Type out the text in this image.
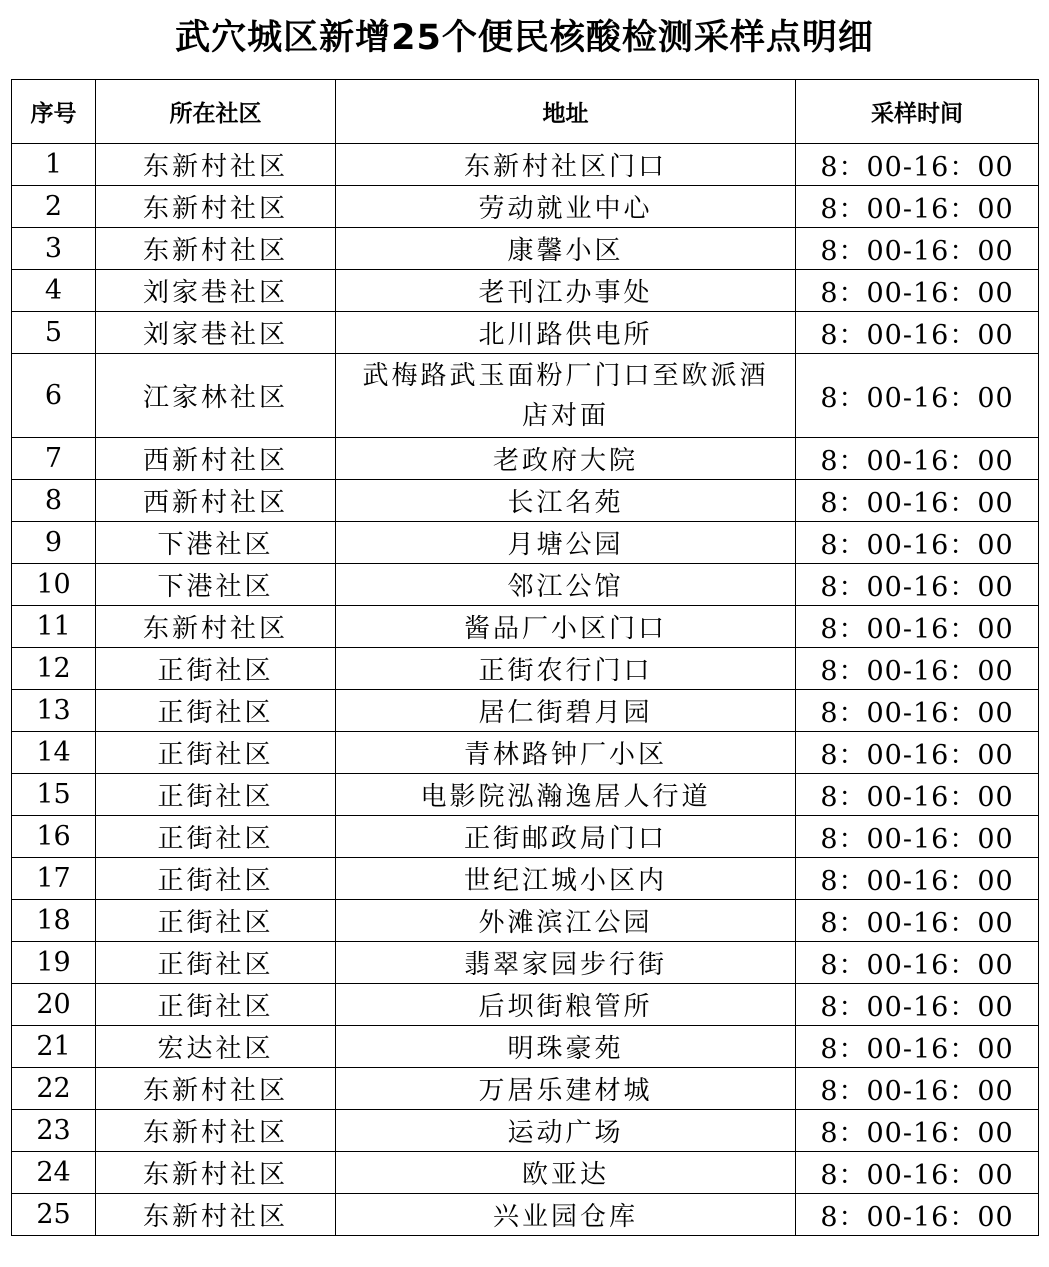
武穴城区新增25个便民核酸检测采样点明细
序号	所在社区	地址	采样时间
1	东新村社区	东新村社区门口	8：00-16：00
2	东新村社区	劳动就业中心	8：00-16：00
3	东新村社区	康馨小区	8：00-16：00
4	刘家巷社区	老刊江办事处	8：00-16：00
5	刘家巷社区	北川路供电所	8：00-16：00
6	江家林社区	武梅路武玉面粉厂门口至欧派酒店对面	8：00-16：00
7	西新村社区	老政府大院	8：00-16：00
8	西新村社区	长江名苑	8：00-16：00
9	下港社区	月塘公园	8：00-16：00
10	下港社区	邻江公馆	8：00-16：00
11	东新村社区	酱品厂小区门口	8：00-16：00
12	正街社区	正街农行门口	8：00-16：00
13	正街社区	居仁街碧月园	8：00-16：00
14	正街社区	青林路钟厂小区	8：00-16：00
15	正街社区	电影院泓瀚逸居人行道	8：00-16：00
16	正街社区	正街邮政局门口	8：00-16：00
17	正街社区	世纪江城小区内	8：00-16：00
18	正街社区	外滩滨江公园	8：00-16：00
19	正街社区	翡翠家园步行街	8：00-16：00
20	正街社区	后坝街粮管所	8：00-16：00
21	宏达社区	明珠豪苑	8：00-16：00
22	东新村社区	万居乐建材城	8：00-16：00
23	东新村社区	运动广场	8：00-16：00
24	东新村社区	欧亚达	8：00-16：00
25	东新村社区	兴业园仓库	8：00-16：00
